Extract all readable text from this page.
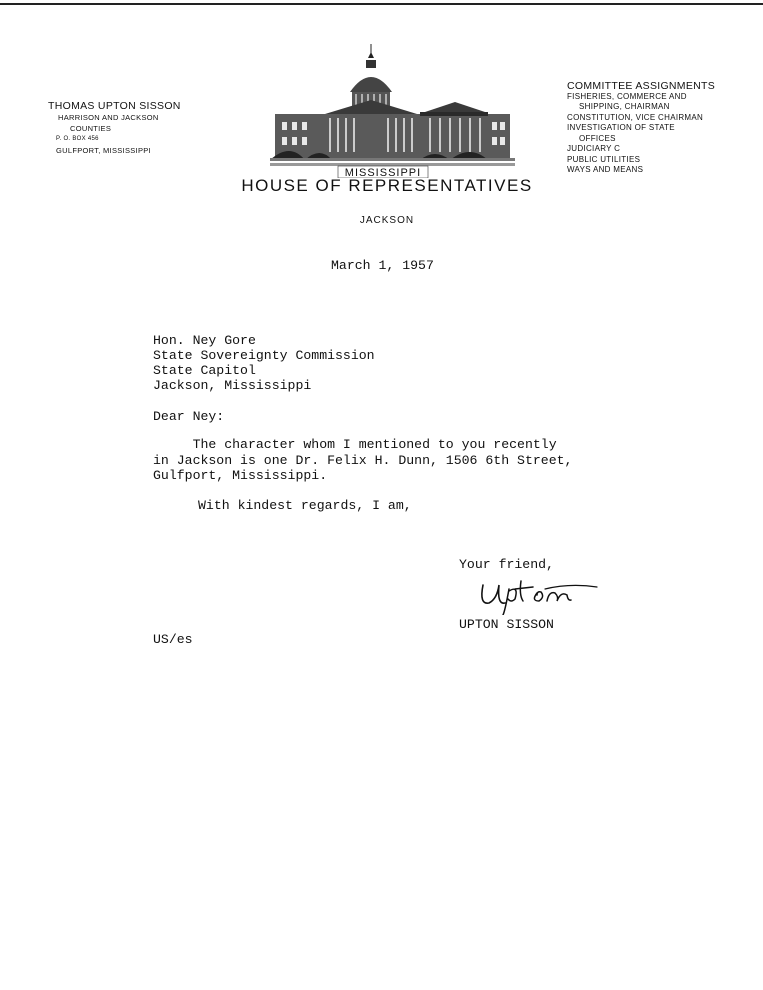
THOMAS UPTON SISSON
HARRISON AND JACKSON
COUNTIES
P. O. BOX 456
GULFPORT, MISSISSIPPI
MISSISSIPPI
HOUSE OF REPRESENTATIVES
JACKSON
COMMITTEE ASSIGNMENTS
FISHERIES, COMMERCE AND
SHIPPING, CHAIRMAN
CONSTITUTION, VICE CHAIRMAN
INVESTIGATION OF STATE
OFFICES
JUDICIARY C
PUBLIC UTILITIES
WAYS AND MEANS
March 1, 1957
Hon. Ney Gore
State Sovereignty Commission
State Capitol
Jackson, Mississippi
Dear Ney:
The character whom I mentioned to you recently
in Jackson is one Dr. Felix H. Dunn, 1506 6th Street,
Gulfport, Mississippi.
With kindest regards, I am,
Your friend,
UPTON SISSON
US/es
